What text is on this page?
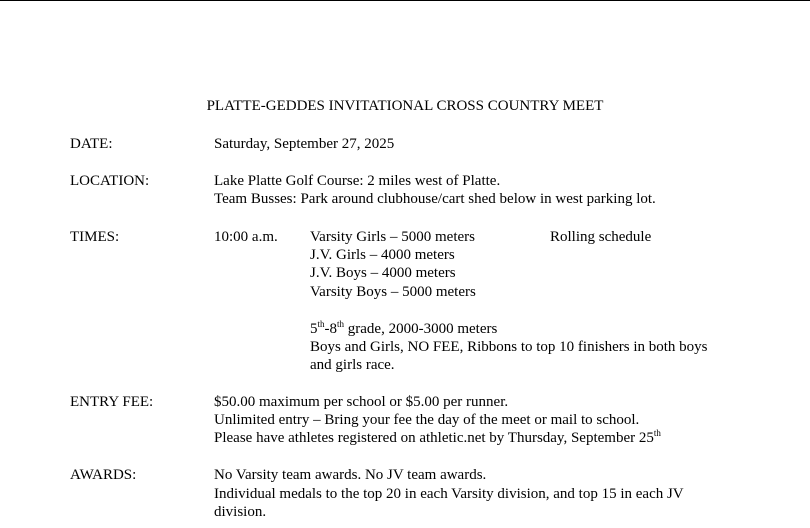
PLATTE-GEDDES INVITATIONAL CROSS COUNTRY MEET
DATE:	Saturday, September 27, 2025
LOCATION:	Lake Platte Golf Course: 2 miles west of Platte.
Team Busses: Park around clubhouse/cart shed below in west parking lot.
TIMES:	10:00 a.m. Varsity Girls – 5000 meters	Rolling schedule
J.V. Girls – 4000 meters
J.V. Boys – 4000 meters
Varsity Boys – 5000 meters
5th-8th grade, 2000-3000 meters
Boys and Girls, NO FEE, Ribbons to top 10 finishers in both boys
and girls race.
ENTRY FEE:	$50.00 maximum per school or $5.00 per runner.
Unlimited entry – Bring your fee the day of the meet or mail to school.
Please have athletes registered on athletic.net by Thursday, September 25th
AWARDS:	No Varsity team awards. No JV team awards.
Individual medals to the top 20 in each Varsity division, and top 15 in each JV
division.
